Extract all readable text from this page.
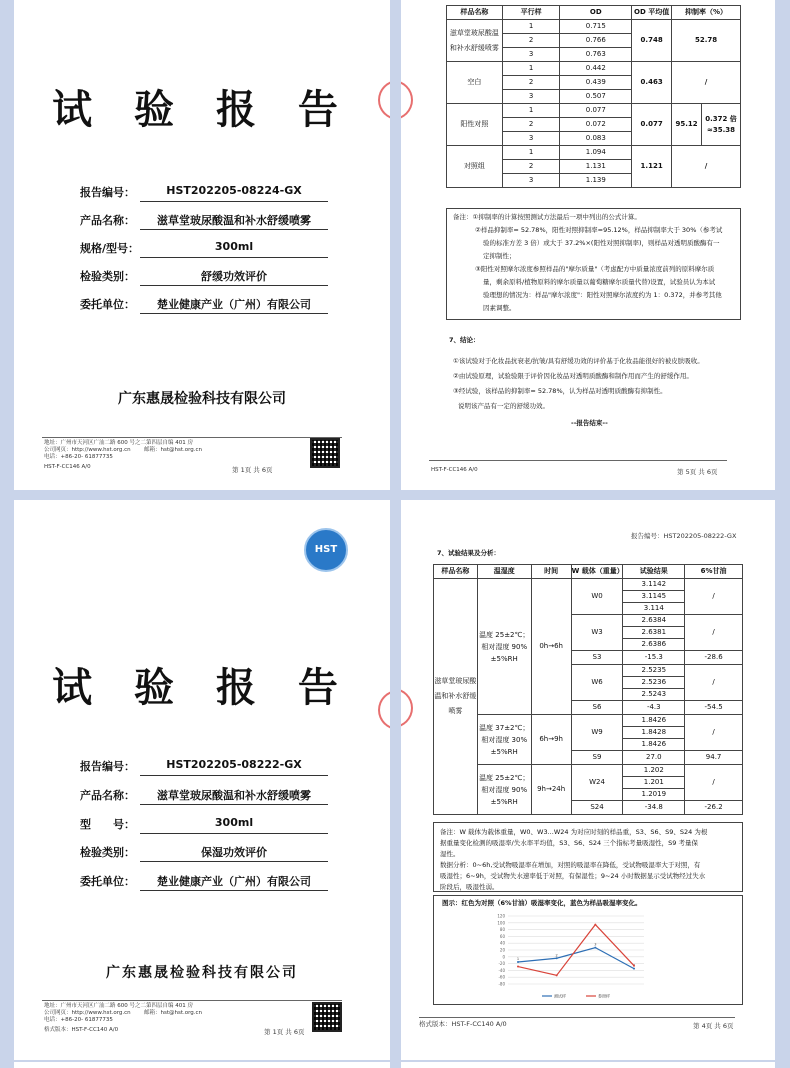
试 验 报 告
报告编号：	HST202205-08224-GX
产品名称：	滋草堂玻尿酸温和补水舒缓喷雾
规格/型号：	300ml
检验类别：	舒缓功效评价
委托单位：	楚业健康产业（广州）有限公司
广东惠晟检验科技有限公司
地址：广州市天河区广汕二路 600 号之二第四层自编 401 房
公司网页：http://www.hst.org.cn 邮箱：hst@hst.org.cn
电话：+86-20- 61877735
HST-F-CC146 A/0	第 1页 共 6页
样品名称	平行样	OD	OD 平均值	抑制率（%）	
滋草堂玻尿酸温和补水舒缓喷雾	1	0.715	0.748	52.78	
	2	0.766			
	3	0.763			
空白	1	0.442	0.463	/	
	2	0.439			
	3	0.507			
阳性对照	1	0.077	0.077	95.12	0.372 倍 ≈35.38
	2	0.072			
	3	0.083			
对照组	1	1.094	1.121	/	
	2	1.131			
	3	1.139			
备注：①抑制率的计算按照测试方法最后一项中列出的公式计算。
②样品抑制率= 52.78%，阳性对照抑制率=95.12%，样品抑制率大于 30%（参考试
验的标准方差 3 倍）或大于 37.2%×(阳性对照抑制率)，则样品对透明质酸酶有一
定抑制性；
③阳性对照摩尔浓度参照样品的"摩尔质量"（考虑配方中质量浓度前列的原料摩尔质
量，剩余原料/植物原料的摩尔质量以葡萄糖摩尔质量代替)设置，试验员认为本试
验理想的情况为：样品"摩尔浓度"：阳性对照摩尔浓度约为 1：0.372，并参考其他
因素调整。
7、结论：
①该试验对于化妆品抗衰老/抗皱/具有舒缓功效的评价基于化妆品能很好的被皮肤吸收。
②由试验原理，试验验限于评价因化妆品对透明质酸酶和制作用而产生的舒缓作用。
③经试验，该样品的抑制率= 52.78%，认为样品对透明质酸酶有抑制性。
说明该产品有一定的舒缓功效。
--报告结束--
HST-F-CC146 A/0	第 5页 共 6页
HST
试 验 报 告
报告编号：	HST202205-08222-GX
产品名称：	滋草堂玻尿酸温和补水舒缓喷雾
型　　号：	300ml
检验类别：	保湿功效评价
委托单位：	楚业健康产业（广州）有限公司
广东惠晟检验科技有限公司
地址：广州市天河区广汕二路 600 号之二第四层自编 401 房
公司网页：http://www.hst.org.cn 邮箱：hst@hst.org.cn
电话：+86-20- 61877735
格式版本：HST-F-CC140 A/0	第 1页 共 6页
报告编号：HST202205-08222-GX
7、试验结果及分析：
样品名称	温湿度	时间	W 载体（重量）	试验结果	6%甘油
滋草堂玻尿酸温和补水舒缓喷雾	温度 25±2℃；相对湿度 90% ±5%RH	0h→6h	W0	3.1142	/
				3.1145	
				3.114	
			W3	2.6384	/
				2.6381	
				2.6386	
			S3	-15.3	-28.6
			W6	2.5235	/
				2.5236	
				2.5243	
			S6	-4.3	-54.5
	温度 37±2℃；相对湿度 30% ±5%RH	6h→9h	W9	1.8426	/
				1.8428	
				1.8426	
			S9	27.0	94.7
	温度 25±2℃；相对湿度 90% ±5%RH	9h→24h	W24	1.202	/
				1.201	
				1.2019	
			S24	-34.8	-26.2
备注：W 载体为载体重量，W0、W3...W24 为对应时刻的样品重，S3、S6、S9、S24 为根
据重量变化检测的吸湿率/失水率平均值，S3、S6、S24 三个指标考量吸湿性，S9 考量保
湿性。
数据分析：0~6h,受试物吸湿率在增加，对照的吸湿率在降低，受试物吸湿率大于对照，有
吸湿性；6~9h，受试物失水速率低于对照，有保湿性；9~24 小时数据显示受试物经过失水
阶段后，吸湿性弱。
图示：红色为对照（6%甘油）吸湿率变化，蓝色为样品吸湿率变化。
120
100
80
60
40
20
0
-20
-40
-60
-80
1
2
3
测试样	参照样
格式版本：HST-F-CC140 A/0	第 4页 共 6页
